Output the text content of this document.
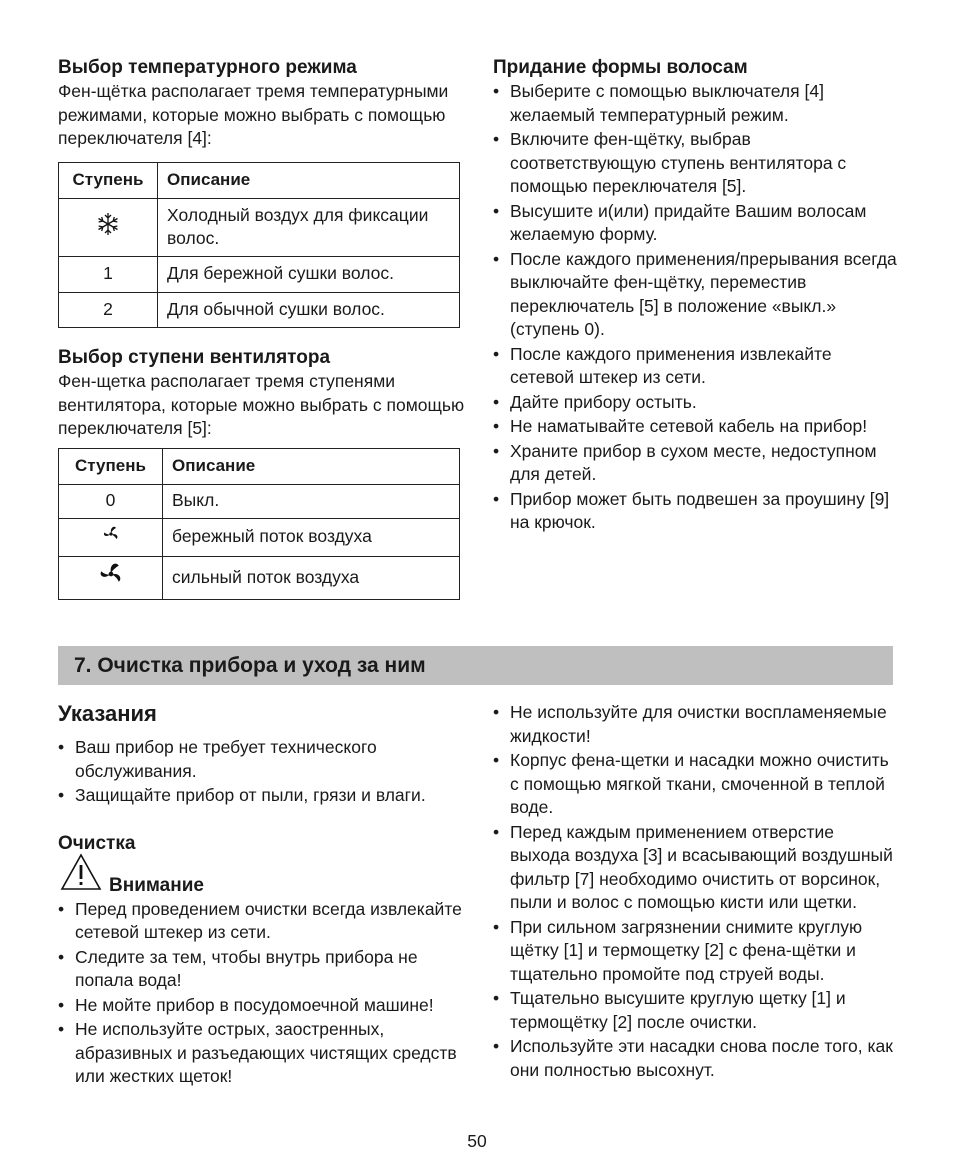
Выбор температурного режима

Фен-щётка располагает тремя температурными режимами, которые можно выбрать с помощью переключателя [4]:

Ступень	Описание
	Холодный воздух для фиксации волос.
1	Для бережной сушки волос.
2	Для обычной сушки волос.
Выбор ступени вентилятора

Фен-щетка располагает тремя ступенями вентилятора, которые можно выбрать с помощью переключателя [5]:

Ступень	Описание
0	Выкл.
	бережный поток воздуха
	сильный поток воздуха
Придание формы волосам
• Выберите с помощью выключателя [4] желаемый температурный режим.
• Включите фен-щётку, выбрав соответствующую ступень вентилятора с помощью переключателя [5].
• Высушите и(или) придайте Вашим волосам желаемую форму.
• После каждого применения/прерывания всегда выключайте фен-щётку, переместив переключатель [5] в положение «выкл.» (ступень 0).
• После каждого применения извлекайте сетевой штекер из сети.
• Дайте прибору остыть.
• Не наматывайте сетевой кабель на прибор!
• Храните прибор в сухом месте, недоступном для детей.
• Прибор может быть подвешен за проушину [9] на крючок.
7. Очистка прибора и уход за ним
Указания
• Ваш прибор не требует технического обслуживания.
• Защищайте прибор от пыли, грязи и влаги.
Очистка
Внимание
• Перед проведением очистки всегда извлекайте сетевой штекер из сети.
• Следите за тем, чтобы внутрь прибора не попала вода!
• Не мойте прибор в посудомоечной машине!
• Не используйте острых, заостренных, абразивных и разъедающих чистящих средств или жестких щеток!
• Не используйте для очистки воспламеняемые жидкости!
• Корпус фена-щетки и насадки можно очистить с помощью мягкой ткани, смоченной в теплой воде.
• Перед каждым применением отверстие выхода воздуха [3] и всасывающий воздушный фильтр [7] необходимо очистить от ворсинок, пыли и волос с помощью кисти или щетки.
• При сильном загрязнении снимите круглую щётку [1] и термощетку [2] с фена-щётки и тщательно промойте под струей воды.
• Тщательно высушите круглую щетку [1] и термощётку [2] после очистки.
• Используйте эти насадки снова после того, как они полностью высохнут.
50
